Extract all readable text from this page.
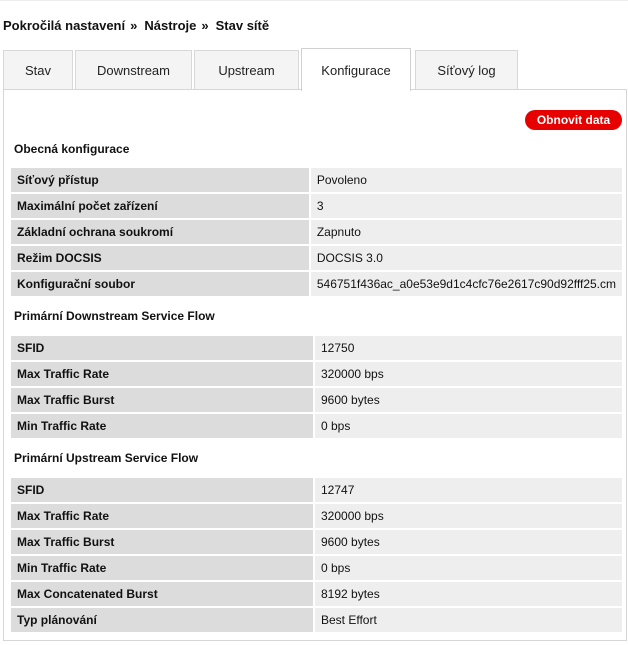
Pokročilá nastavení » Nástroje » Stav sítě
Stav	Downstream	Upstream	Konfigurace	Síťový log
Obnovit data
Obecná konfigurace
Síťový přístup	Povoleno
Maximální počet zařízení	3
Základní ochrana soukromí	Zapnuto
Režim DOCSIS	DOCSIS 3.0
Konfigurační soubor	546751f436ac_a0e53e9d1c4cfc76e2617c90d92fff25.cm
Primární Downstream Service Flow
SFID	12750
Max Traffic Rate	320000 bps
Max Traffic Burst	9600 bytes
Min Traffic Rate	0 bps
Primární Upstream Service Flow
SFID	12747
Max Traffic Rate	320000 bps
Max Traffic Burst	9600 bytes
Min Traffic Rate	0 bps
Max Concatenated Burst	8192 bytes
Typ plánování	Best Effort
